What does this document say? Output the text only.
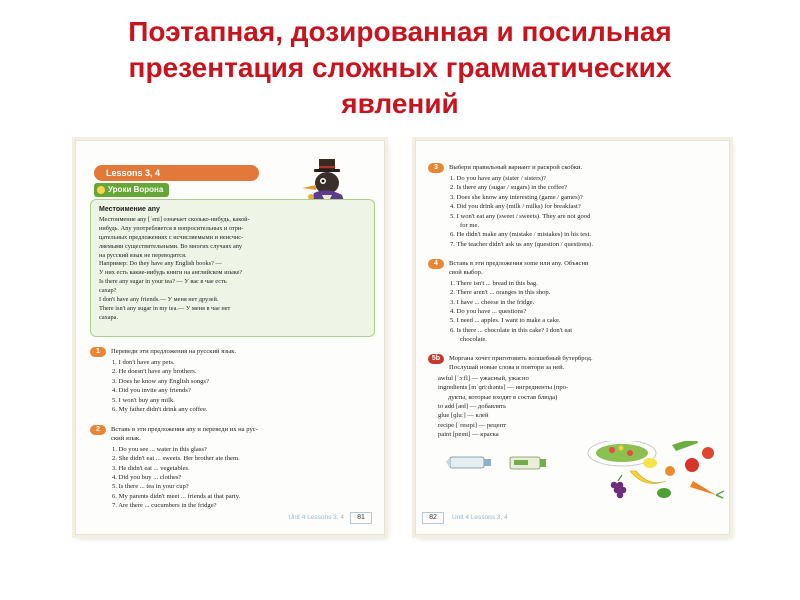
Поэтапная, дозированная и посильная
презентация сложных грамматических
явлений
Lessons 3, 4
Уроки Ворона
Местоимение any
Местоимение any [ˈeni] означает сколько-нибудь, какой-
нибудь. Any употребляется в вопросительных и отри-
цательных предложениях с исчисляемыми и неисчис-
ляемыми существительными. Во многих случаях any
на русский язык не переводится.
Например: Do they have any English books? —
У них есть какие-нибудь книги на английском языке?
Is there any sugar in your tea? — У вас в чае есть
сахар?
I don't have any friends.— У меня нет друзей.
There isn't any sugar in my tea.— У меня в чае нет
сахара.
1	Переведи эти предложения на русский язык.
1. I don't have any pets.
2. He doesn't have any brothers.
3. Does he know any English songs?
4. Did you invite any friends?
5. I won't buy any milk.
6. My father didn't drink any coffee.
2	Вставь в эти предложения any и переведи их на рус-
ский язык.
1. Do you see ... water in this glass?
2. She didn't eat ... sweets. Her brother ate them.
3. He didn't eat ... vegetables.
4. Did you buy ... clothes?
5. Is there ... tea in your cup?
6. My parents didn't meet ... friends at that party.
7. Are there ... cucumbers in the fridge?
Unit 4 Lessons 3, 4	81
3	Выбери правильный вариант и раскрой скобки.
1. Do you have any (sister / sisters)?
2. Is there any (sugar / sugars) in the coffee?
3. Does she know any interesting (game / games)?
4. Did you drink any (milk / milks) for breakfast?
5. I won't eat any (sweet / sweets). They are not good
for me.
6. He didn't make any (mistake / mistakes) in his test.
7. The teacher didn't ask us any (question / questions).
4	Вставь в эти предложения some или any. Объясни
свой выбор.
1. There isn't ... bread in this bag.
2. There aren't ... oranges in this shop.
3. I have ... cheese in the fridge.
4. Do you have ... questions?
5. I need ... apples. I want to make a cake.
6. Is there ... chocolate in this cake? I don't eat
chocolate.
5b	Моргана хочет приготовить волшебный бутерброд.
Послушай новые слова и повтори за ней.
awful [ˈɔːfl] — ужасный, ужасно
ingredients [ɪnˈɡriːdɪənts] — ингредиенты (про-
дукты, которые входят в состав блюда)
to add [æd] — добавлять
glue [ɡluː] — клей
recipe [ˈresɪpi] — рецепт
paint [peɪnt] — краска
82	Unit 4 Lessons 3, 4
